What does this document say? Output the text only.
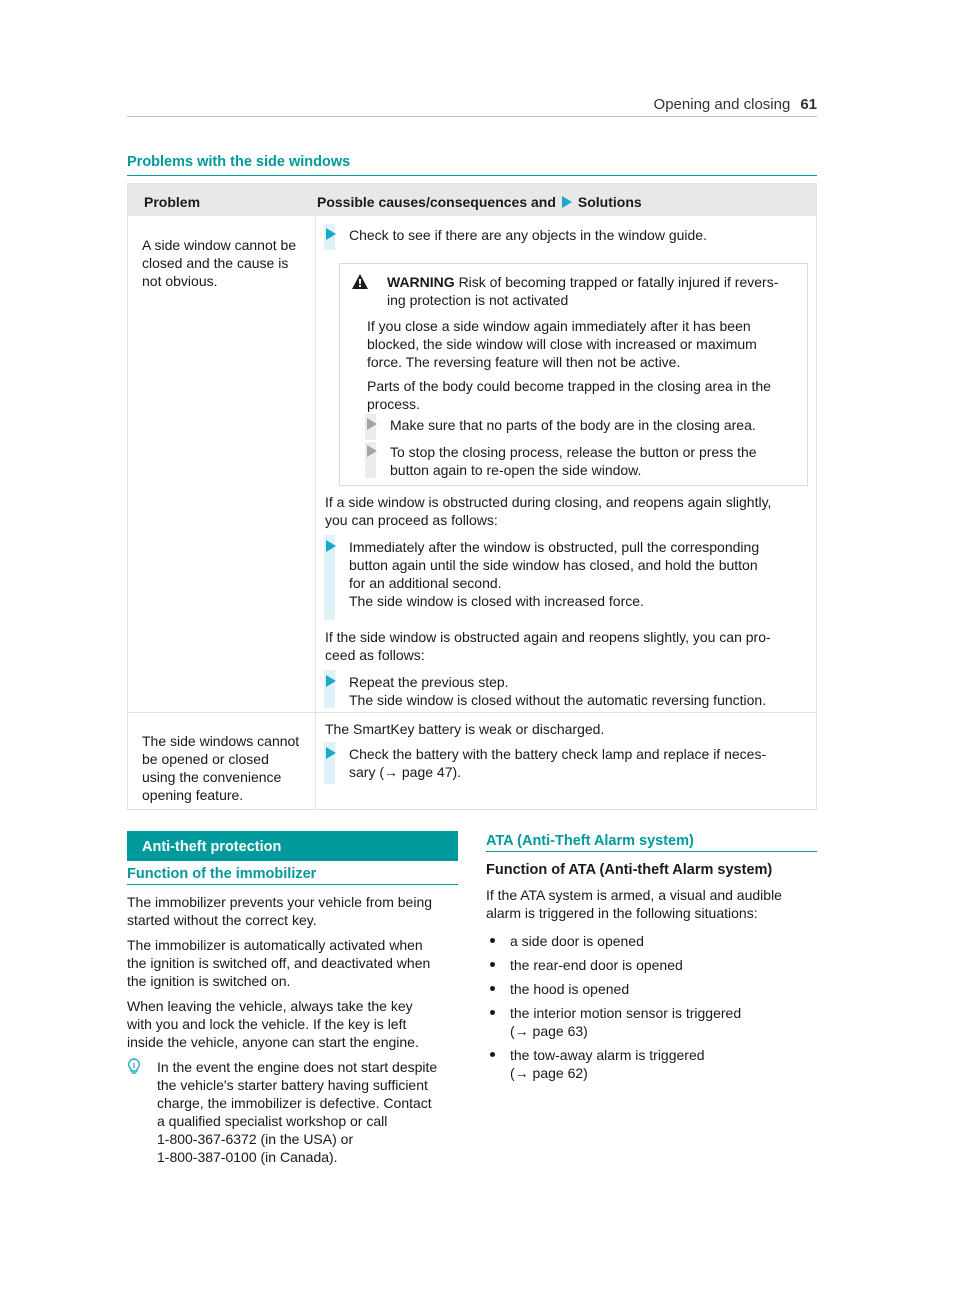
Opening and closing 61
Problems with the side windows
Problem	Possible causes/consequences and Solutions
A side window cannot be
closed and the cause is
not obvious.
Check to see if there are any objects in the window guide.
WARNING Risk of becoming trapped or fatally injured if revers-
ing protection is not activated
If you close a side window again immediately after it has been
blocked, the side window will close with increased or maximum
force. The reversing feature will then not be active.
Parts of the body could become trapped in the closing area in the
process.
Make sure that no parts of the body are in the closing area.
To stop the closing process, release the button or press the
button again to re-open the side window.
If a side window is obstructed during closing, and reopens again slightly,
you can proceed as follows:
Immediately after the window is obstructed, pull the corresponding
button again until the side window has closed, and hold the button
for an additional second.
The side window is closed with increased force.
If the side window is obstructed again and reopens slightly, you can pro-
ceed as follows:
Repeat the previous step.
The side window is closed without the automatic reversing function.
The side windows cannot
be opened or closed
using the convenience
opening feature.
The SmartKey battery is weak or discharged.
Check the battery with the battery check lamp and replace if neces-
sary (→ page 47).
Anti-theft protection
Function of the immobilizer
The immobilizer prevents your vehicle from being
started without the correct key.
The immobilizer is automatically activated when
the ignition is switched off, and deactivated when
the ignition is switched on.
When leaving the vehicle, always take the key
with you and lock the vehicle. If the key is left
inside the vehicle, anyone can start the engine.
In the event the engine does not start despite
the vehicle's starter battery having sufficient
charge, the immobilizer is defective. Contact
a qualified specialist workshop or call
1-800-367-6372 (in the USA) or
1-800-387-0100 (in Canada).
ATA (Anti-Theft Alarm system)
Function of ATA (Anti-theft Alarm system)
If the ATA system is armed, a visual and audible
alarm is triggered in the following situations:
a side door is opened
the rear-end door is opened
the hood is opened
the interior motion sensor is triggered
(→ page 63)
the tow-away alarm is triggered
(→ page 62)
